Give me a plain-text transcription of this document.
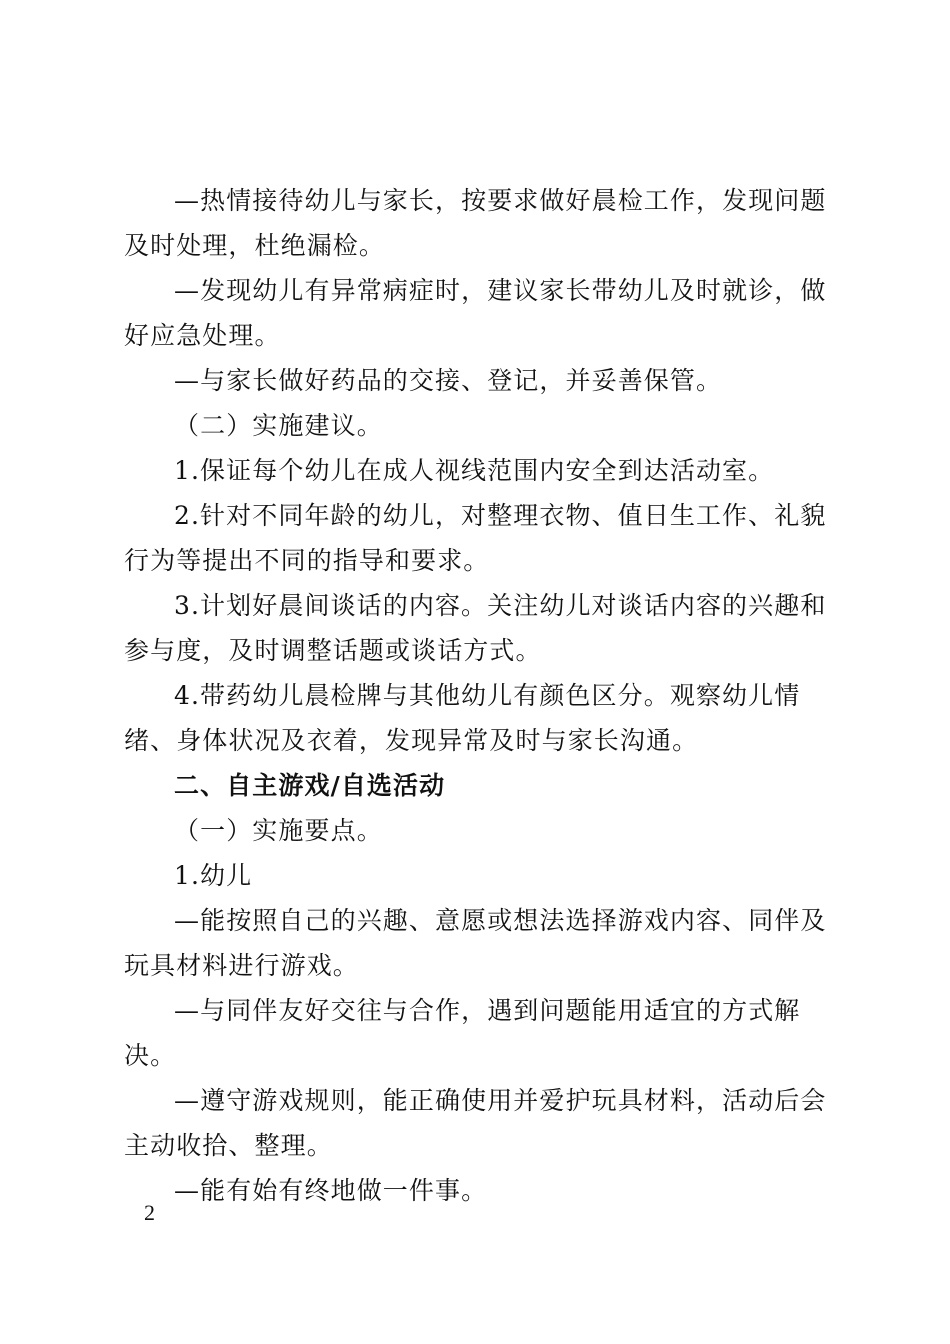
—热情接待幼儿与家长，按要求做好晨检工作，发现问题及时处理，杜绝漏检。

—发现幼儿有异常病症时，建议家长带幼儿及时就诊，做好应急处理。

—与家长做好药品的交接、登记，并妥善保管。

（二）实施建议。

1.保证每个幼儿在成人视线范围内安全到达活动室。

2.针对不同年龄的幼儿，对整理衣物、值日生工作、礼貌行为等提出不同的指导和要求。

3.计划好晨间谈话的内容。关注幼儿对谈话内容的兴趣和参与度，及时调整话题或谈话方式。

4.带药幼儿晨检牌与其他幼儿有颜色区分。观察幼儿情绪、身体状况及衣着，发现异常及时与家长沟通。

二、自主游戏/自选活动

（一）实施要点。

1.幼儿

—能按照自己的兴趣、意愿或想法选择游戏内容、同伴及玩具材料进行游戏。

—与同伴友好交往与合作，遇到问题能用适宜的方式解决。

—遵守游戏规则，能正确使用并爱护玩具材料，活动后会主动收拾、整理。

—能有始有终地做一件事。

2
